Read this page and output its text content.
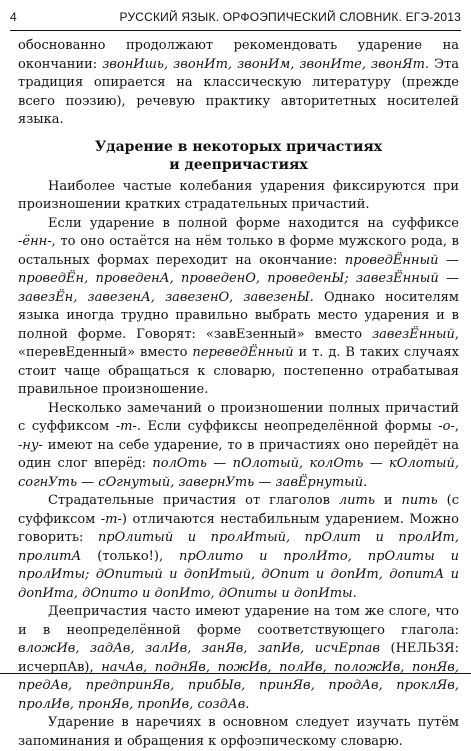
4	РУССКИЙ ЯЗЫК. ОРФОЭПИЧЕСКИЙ СЛОВНИК. ЕГЭ-2013

обоснованно продолжают рекомендовать ударение на окончании: звонИшь, звонИт, звонИм, звонИте, звонЯт. Эта традиция опирается на классическую литературу (прежде всего поэзию), речевую практику авторитетных носителей языка.

Ударение в некоторых причастиях
и деепричастиях

Наиболее частые колебания ударения фиксируются при произношении кратких страдательных причастий.

Если ударение в полной форме находится на суффиксе -ённ-, то оно остаётся на нём только в форме мужского рода, в остальных формах переходит на окончание: проведЁнный — проведЁн, проведенА, проведенО, проведенЫ; завезЁнный — завезЁн, завезенА, завезенО, завезенЫ. Однако носителям языка иногда трудно правильно выбрать место ударения и в полной форме. Говорят: «завЕзенный» вместо завезЁнный, «перевЕденный» вместо переведЁнный и т. д. В таких случаях стоит чаще обращаться к словарю, постепенно отрабатывая правильное произношение.

Несколько замечаний о произношении полных причастий с суффиксом -т-. Если суффиксы неопределённой формы -о-, -ну- имеют на себе ударение, то в причастиях оно перейдёт на один слог вперёд: полОть — пОлотый, колОть — кОлотый, согнУть — сОгнутый, завернУть — завЁрнутый.

Страдательные причастия от глаголов лить и пить (с суффиксом -т-) отличаются нестабильным ударением. Можно говорить: прОлитый и пролИтый, прОлит и пролИт, пролитА (только!), прОлито и пролИто, прОлиты и пролИты; дОпитый и допИтый, дОпит и допИт, допитА и допИта, дОпито и допИто, дОпиты и допИты.

Деепричастия часто имеют ударение на том же слоге, что и в неопределённой форме соответствующего глагола: вложИв, задАв, залИв, занЯв, запИв, исчЕрпав (НЕЛЬЗЯ: исчерпАв), начАв, поднЯв, пожИв, полИв, положИв, понЯв, предАв, предпринЯв, прибЫв, принЯв, продАв, проклЯв, пролИв, пронЯв, пропИв, создАв.

Ударение в наречиях в основном следует изучать путём запоминания и обращения к орфоэпическому словарю.
